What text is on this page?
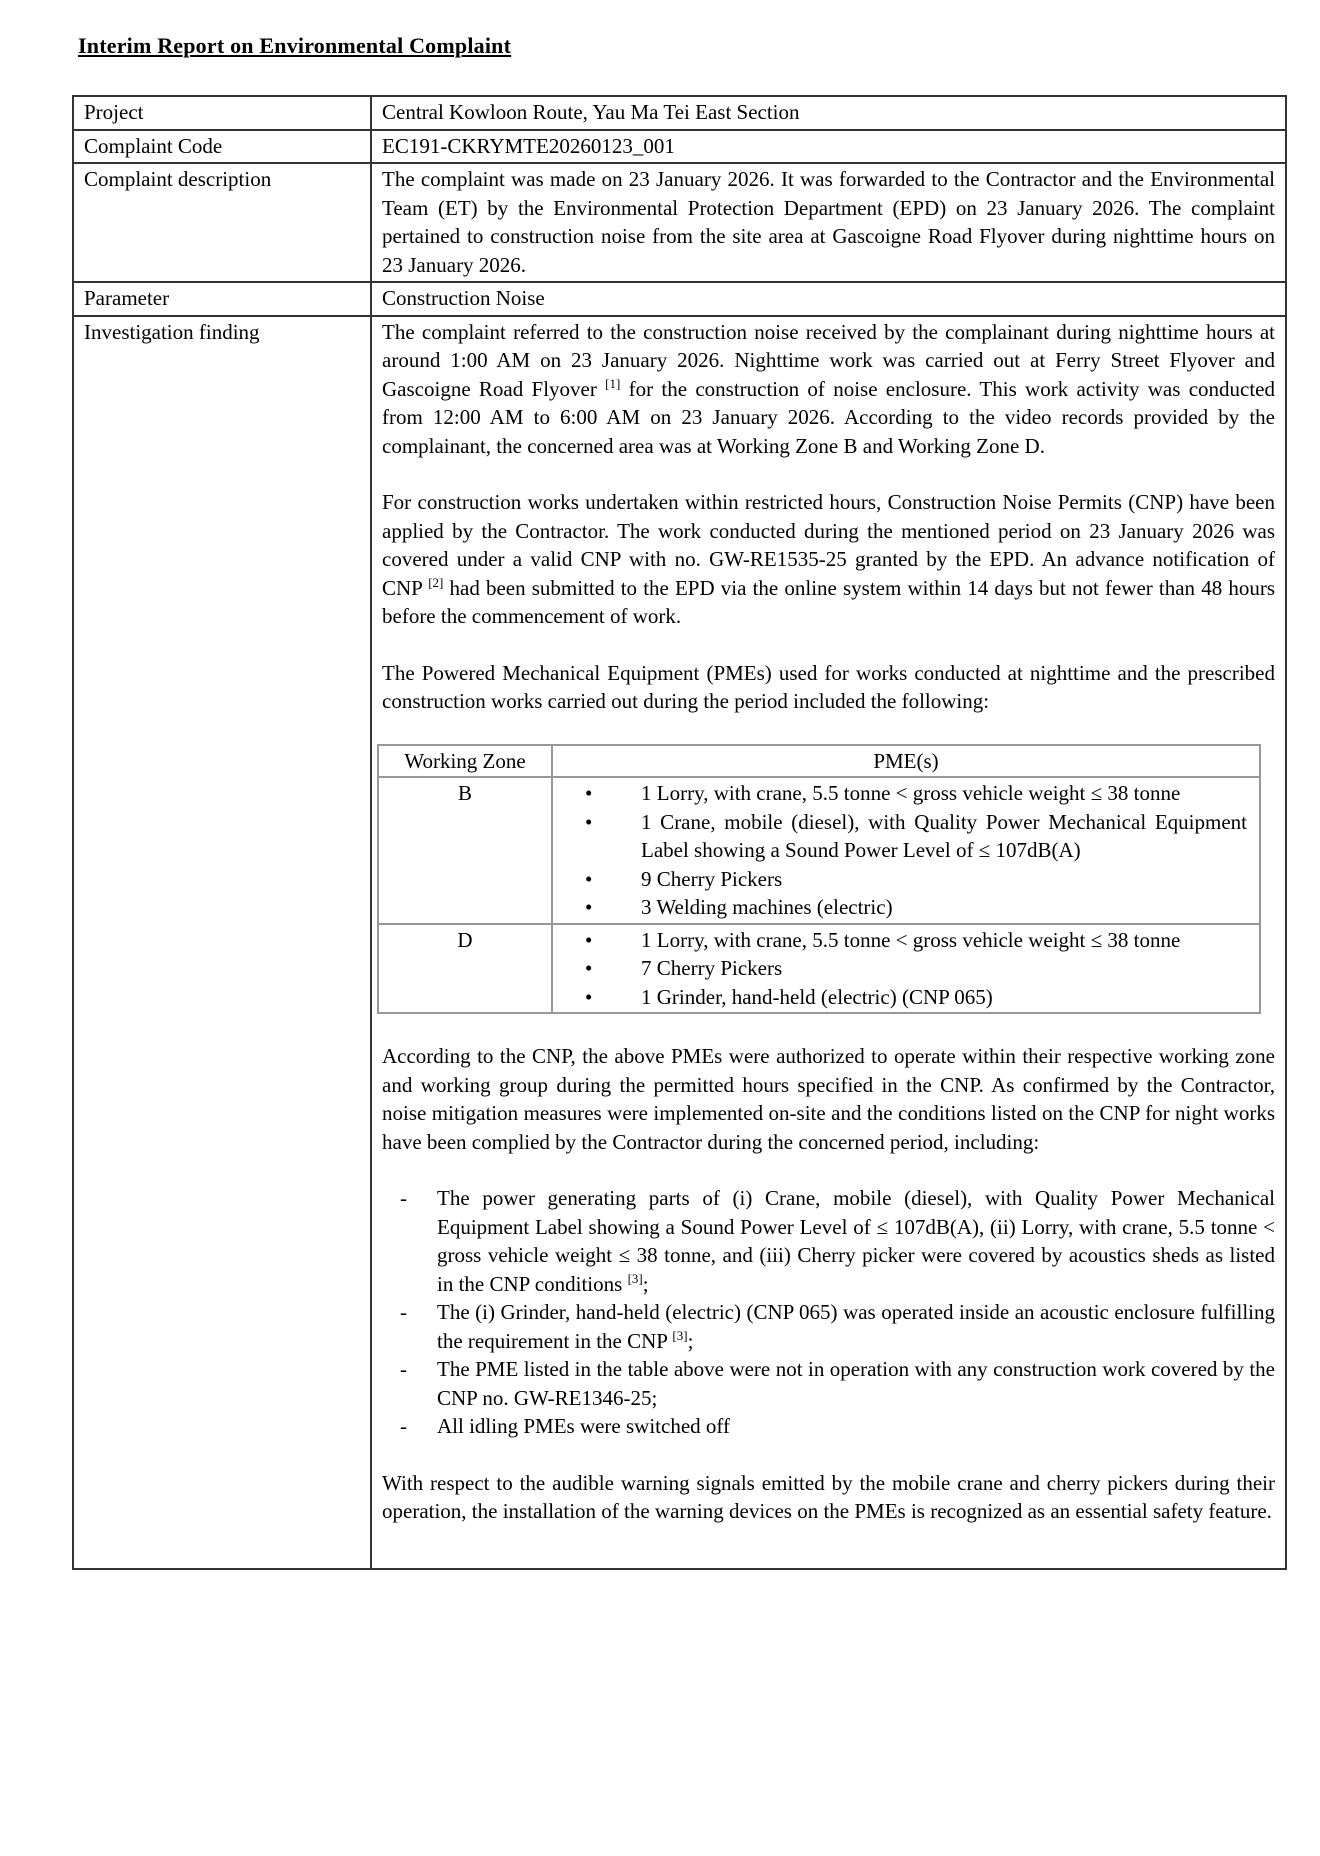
Interim Report on Environmental Complaint
Project	Central Kowloon Route, Yau Ma Tei East Section
Complaint Code	EC191-CKRYMTE20260123_001
Complaint description	The complaint was made on 23 January 2026. It was forwarded to the Contractor and the Environmental Team (ET) by the Environmental Protection Department (EPD) on 23 January 2026. The complaint pertained to construction noise from the site area at Gascoigne Road Flyover during nighttime hours on 23 January 2026.
Parameter	Construction Noise
Investigation finding	The complaint referred to the construction noise received by the complainant during nighttime hours at around 1:00 AM on 23 January 2026. Nighttime work was carried out at Ferry Street Flyover and Gascoigne Road Flyover [1] for the construction of noise enclosure. This work activity was conducted from 12:00 AM to 6:00 AM on 23 January 2026. According to the video records provided by the complainant, the concerned area was at Working Zone B and Working Zone D.

For construction works undertaken within restricted hours, Construction Noise Permits (CNP) have been applied by the Contractor. The work conducted during the mentioned period on 23 January 2026 was covered under a valid CNP with no. GW-RE1535-25 granted by the EPD. An advance notification of CNP [2] had been submitted to the EPD via the online system within 14 days but not fewer than 48 hours before the commencement of work.

The Powered Mechanical Equipment (PMEs) used for works conducted at nighttime and the prescribed construction works carried out during the period included the following:

Working Zone	PME(s)
B	•	1 Lorry, with crane, 5.5 tonne < gross vehicle weight ≤ 38 tonne
•	1 Crane, mobile (diesel), with Quality Power Mechanical Equipment Label showing a Sound Power Level of ≤ 107dB(A)
•	9 Cherry Pickers
•	3 Welding machines (electric)

D	•	1 Lorry, with crane, 5.5 tonne < gross vehicle weight ≤ 38 tonne
•	7 Cherry Pickers
•	1 Grinder, hand-held (electric) (CNP 065)

According to the CNP, the above PMEs were authorized to operate within their respective working zone and working group during the permitted hours specified in the CNP. As confirmed by the Contractor, noise mitigation measures were implemented on-site and the conditions listed on the CNP for night works have been complied by the Contractor during the concerned period, including:

-	The power generating parts of (i) Crane, mobile (diesel), with Quality Power Mechanical Equipment Label showing a Sound Power Level of ≤ 107dB(A), (ii) Lorry, with crane, 5.5 tonne < gross vehicle weight ≤ 38 tonne, and (iii) Cherry picker were covered by acoustics sheds as listed in the CNP conditions [3];
-	The (i) Grinder, hand-held (electric) (CNP 065) was operated inside an acoustic enclosure fulfilling the requirement in the CNP [3];
-	The PME listed in the table above were not in operation with any construction work covered by the CNP no. GW-RE1346-25;
-	All idling PMEs were switched off

With respect to the audible warning signals emitted by the mobile crane and cherry pickers during their operation, the installation of the warning devices on the PMEs is recognized as an essential safety feature.
